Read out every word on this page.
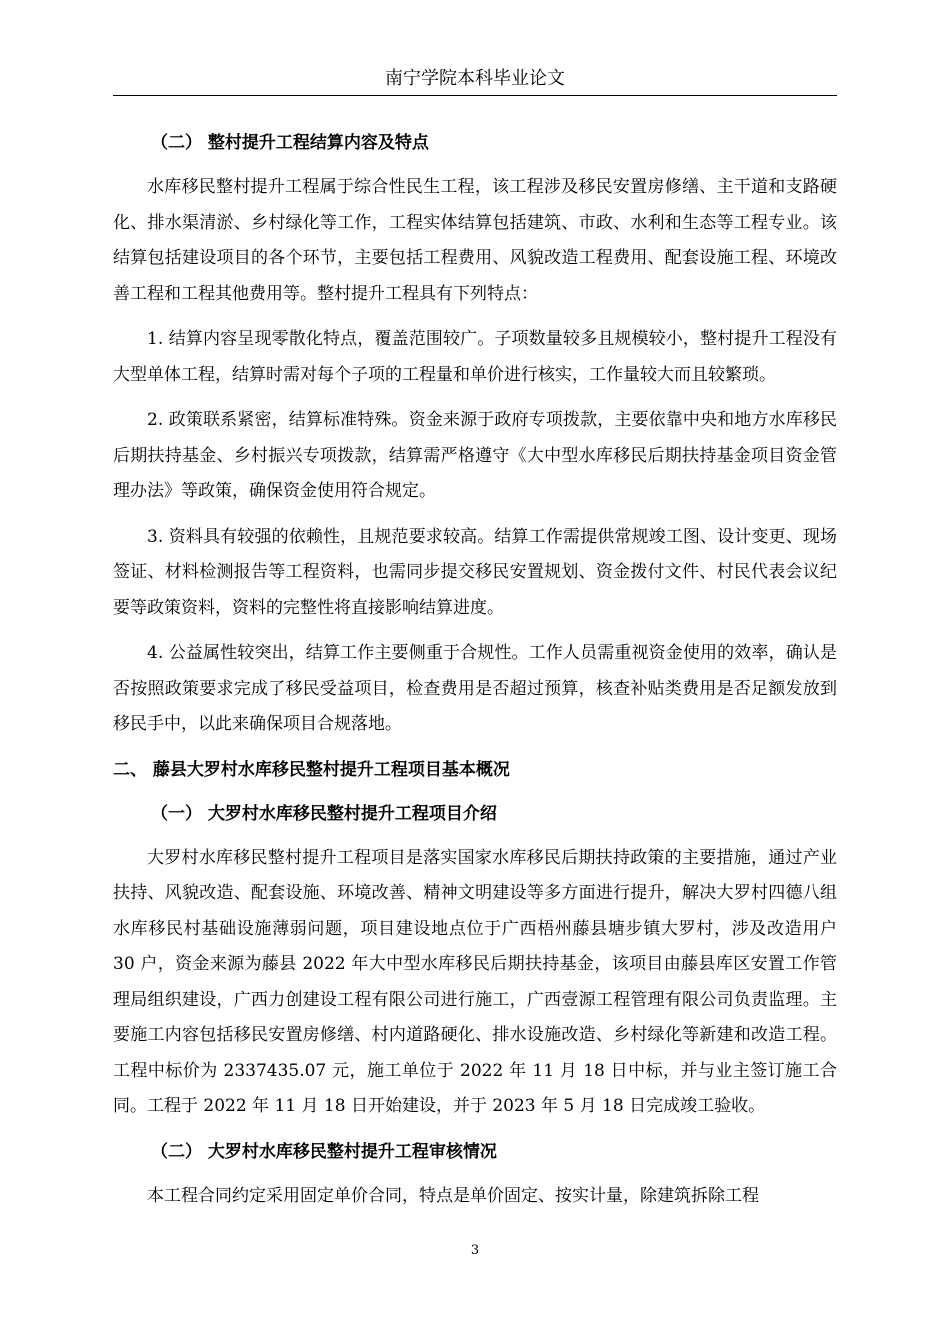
南宁学院本科毕业论文
（二） 整村提升工程结算内容及特点

水库移民整村提升工程属于综合性民生工程，该工程涉及移民安置房修缮、主干道和支路硬化、排水渠清淤、乡村绿化等工作，工程实体结算包括建筑、市政、水利和生态等工程专业。该结算包括建设项目的各个环节，主要包括工程费用、风貌改造工程费用、配套设施工程、环境改善工程和工程其他费用等。整村提升工程具有下列特点：

1. 结算内容呈现零散化特点，覆盖范围较广。子项数量较多且规模较小，整村提升工程没有大型单体工程，结算时需对每个子项的工程量和单价进行核实，工作量较大而且较繁琐。

2. 政策联系紧密，结算标准特殊。资金来源于政府专项拨款，主要依靠中央和地方水库移民后期扶持基金、乡村振兴专项拨款，结算需严格遵守《大中型水库移民后期扶持基金项目资金管理办法》等政策，确保资金使用符合规定。

3. 资料具有较强的依赖性，且规范要求较高。结算工作需提供常规竣工图、设计变更、现场签证、材料检测报告等工程资料，也需同步提交移民安置规划、资金拨付文件、村民代表会议纪要等政策资料，资料的完整性将直接影响结算进度。

4. 公益属性较突出，结算工作主要侧重于合规性。工作人员需重视资金使用的效率，确认是否按照政策要求完成了移民受益项目，检查费用是否超过预算，核查补贴类费用是否足额发放到移民手中，以此来确保项目合规落地。

二、 藤县大罗村水库移民整村提升工程项目基本概况
（一） 大罗村水库移民整村提升工程项目介绍

大罗村水库移民整村提升工程项目是落实国家水库移民后期扶持政策的主要措施，通过产业扶持、风貌改造、配套设施、环境改善、精神文明建设等多方面进行提升，解决大罗村四德八组水库移民村基础设施薄弱问题，项目建设地点位于广西梧州藤县塘步镇大罗村，涉及改造用户 30 户，资金来源为藤县 2022 年大中型水库移民后期扶持基金，该项目由藤县库区安置工作管理局组织建设，广西力创建设工程有限公司进行施工，广西壹源工程管理有限公司负责监理。主要施工内容包括移民安置房修缮、村内道路硬化、排水设施改造、乡村绿化等新建和改造工程。工程中标价为 2337435.07 元，施工单位于 2022 年 11 月 18 日中标，并与业主签订施工合同。工程于 2022 年 11 月 18 日开始建设，并于 2023 年 5 月 18 日完成竣工验收。

（二） 大罗村水库移民整村提升工程审核情况

本工程合同约定采用固定单价合同，特点是单价固定、按实计量，除建筑拆除工程

3
